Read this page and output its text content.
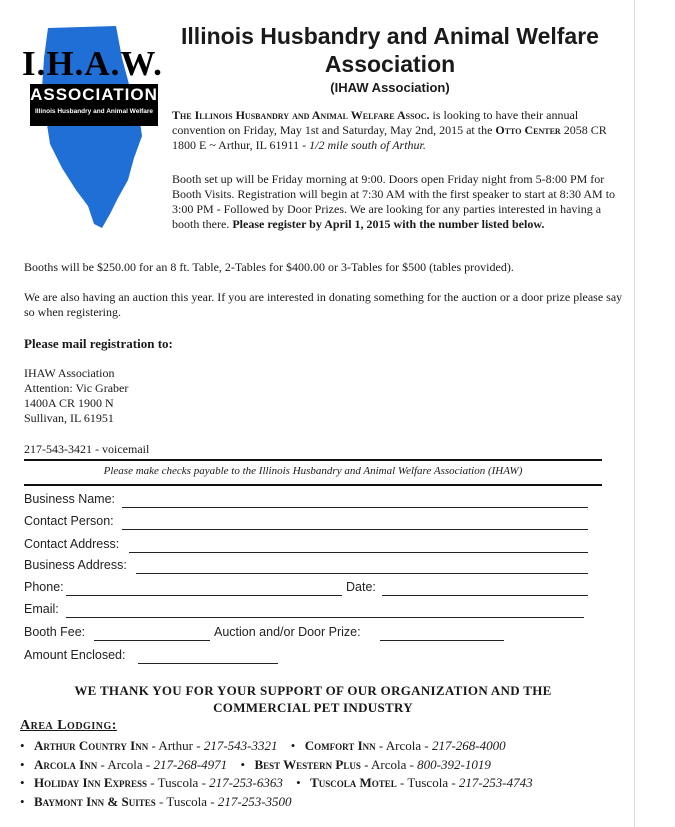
I.H.A.W.
ASSOCIATION
Illinois Husbandry and Animal Welfare
Illinois Husbandry and Animal Welfare Association
(IHAW Association)
The Illinois Husbandry and Animal Welfare Assoc. is looking to have their annual convention on Friday, May 1st and Saturday, May 2nd, 2015 at the Otto Center 2058 CR 1800 E ~ Arthur, IL 61911 - 1/2 mile south of Arthur.
Booth set up will be Friday morning at 9:00. Doors open Friday night from 5-8:00 PM for Booth Visits. Registration will begin at 7:30 AM with the first speaker to start at 8:30 AM to 3:00 PM - Followed by Door Prizes. We are looking for any parties interested in having a booth there. Please register by April 1, 2015 with the number listed below.
Booths will be $250.00 for an 8 ft. Table, 2-Tables for $400.00 or 3-Tables for $500 (tables provided).
We are also having an auction this year. If you are interested in donating something for the auction or a door prize please say so when registering.
Please mail registration to:
IHAW Association
Attention: Vic Graber
1400A CR 1900 N
Sullivan, IL 61951
217-543-3421 - voicemail
Please make checks payable to the Illinois Husbandry and Animal Welfare Association (IHAW)
Business Name:
Contact Person:
Contact Address:
Business Address:
Phone:	Date:
Email:
Booth Fee:	Auction and/or Door Prize:
Amount Enclosed:
WE THANK YOU FOR YOUR SUPPORT OF OUR ORGANIZATION AND THE COMMERCIAL PET INDUSTRY
Area Lodging:
• Arthur Country Inn - Arthur - 217-543-3321 • Comfort Inn - Arcola - 217-268-4000
• Arcola Inn - Arcola - 217-268-4971 • Best Western Plus - Arcola - 800-392-1019
• Holiday Inn Express - Tuscola - 217-253-6363 • Tuscola Motel - Tuscola - 217-253-4743
• Baymont Inn & Suites - Tuscola - 217-253-3500
